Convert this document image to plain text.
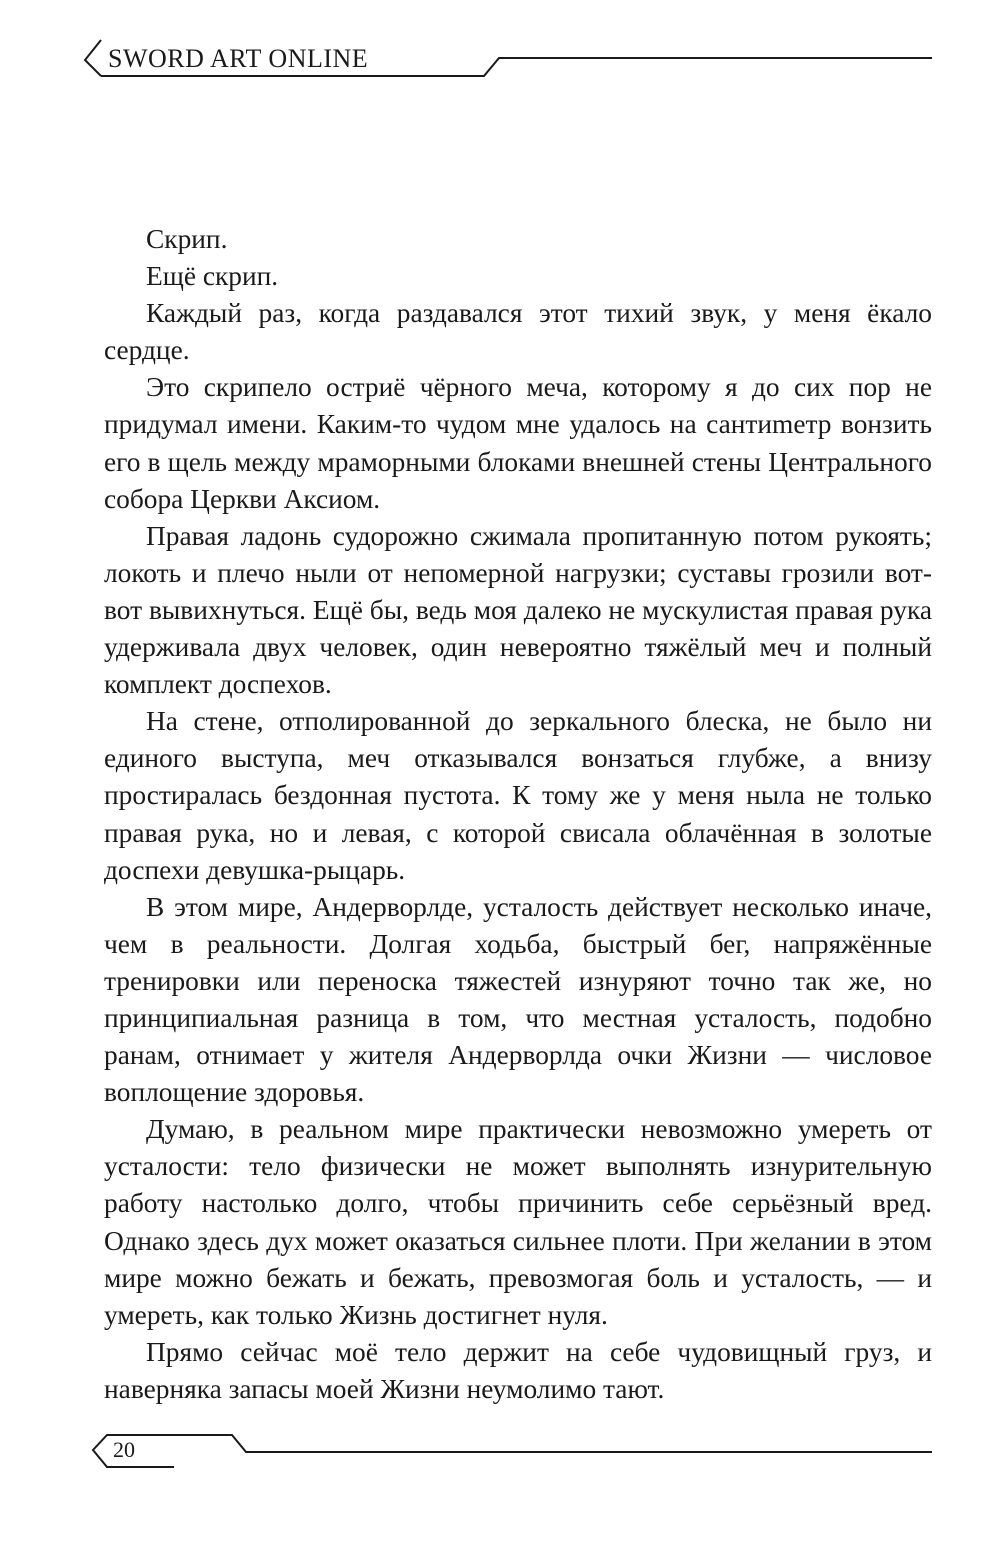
SWORD ART ONLINE

Скрип.

Ещё скрип.

Каждый раз, когда раздавался этот тихий звук, у меня ёкало сердце.

Это скрипело остриё чёрного меча, которому я до сих пор не придумал имени. Каким-то чудом мне удалось на сантиmетр вонзить его в щель между мраморными блоками внешней стены Центрального собора Церкви Аксиом.

Правая ладонь судорожно сжимала пропитанную потом рукоять; локоть и плечо ныли от непомерной нагрузки; суставы грозили вот-вот вывихнуться. Ещё бы, ведь моя далеко не мускулистая правая рука удерживала двух человек, один невероятно тяжёлый меч и полный комплект доспехов.

На стене, отполированной до зеркального блеска, не было ни единого выступа, меч отказывался вонзаться глубже, а внизу простиралась бездонная пустота. К тому же у меня ныла не только правая рука, но и левая, с которой свисала облачённая в золотые доспехи девушка-рыцарь.

В этом мире, Андерворлде, усталость действует несколько иначе, чем в реальности. Долгая ходьба, быстрый бег, напряжённые тренировки или переноска тяжестей изнуряют точно так же, но принципиальная разница в том, что местная усталость, подобно ранам, отнимает у жителя Андерворлда очки Жизни — числовое воплощение здоровья.

Думаю, в реальном мире практически невозможно умереть от усталости: тело физически не может выполнять изнурительную работу настолько долго, чтобы причинить себе серьёзный вред. Однако здесь дух может оказаться сильнее плоти. При желании в этом мире можно бежать и бежать, превозмогая боль и усталость, — и умереть, как только Жизнь достигнет нуля.

Прямо сейчас моё тело держит на себе чудовищный груз, и наверняка запасы моей Жизни неумолимо тают.

20
